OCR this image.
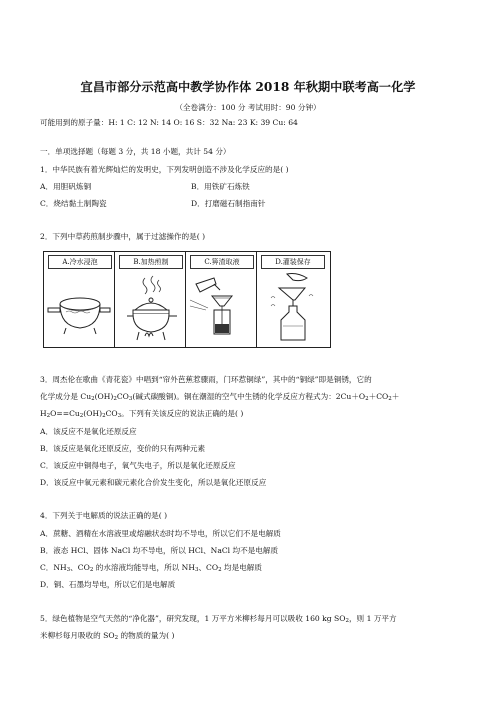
宜昌市部分示范高中教学协作体 2018 年秋期中联考高一化学
（全卷满分：100 分 考试用时：90 分钟）
可能用到的原子量：H: 1 C: 12 N: 14 O: 16 S：32 Na: 23 K: 39 Cu: 64
一．单项选择题（每题 3 分，共 18 小题，共计 54 分）
1．中华民族有着光辉灿烂的发明史，下列发明创造不涉及化学反应的是( )
A．用胆矾炼铜	B．用铁矿石炼铁
C．烧结黏土制陶瓷	D．打磨磁石制指南针
2．下列中草药煎制步骤中，属于过滤操作的是( )
A.冷水浸泡	B.加热煎制	C.箅渣取液	D.灌装保存
3．周杰伦在歌曲《青花瓷》中唱到“帘外芭蕉惹骤雨，门环惹铜绿”，其中的“铜绿”即是铜锈，它的
化学成分是 Cu2(OH)2CO3(碱式碳酸铜)。铜在潮湿的空气中生锈的化学反应方程式为：2Cu＋O2＋CO2＋
H2O==Cu2(OH)2CO3。下列有关该反应的说法正确的是( )
A．该反应不是氧化还原反应
B．该反应是氧化还原反应，变价的只有两种元素
C．该反应中铜得电子，氧气失电子，所以是氧化还原反应
D．该反应中氧元素和碳元素化合价发生变化，所以是氧化还原反应
4．下列关于电解质的说法正确的是( )
A．蔗糖、酒精在水溶液里或熔融状态时均不导电，所以它们不是电解质
B．液态 HCl、固体 NaCl 均不导电，所以 HCl、NaCl 均不是电解质
C．NH3、CO2 的水溶液均能导电，所以 NH3、CO2 均是电解质
D．铜、石墨均导电，所以它们是电解质
5．绿色植物是空气天然的“净化器”，研究发现，1 万平方米柳杉每月可以吸收 160 kg SO2，则 1 万平方
米柳杉每月吸收的 SO2 的物质的量为( )
